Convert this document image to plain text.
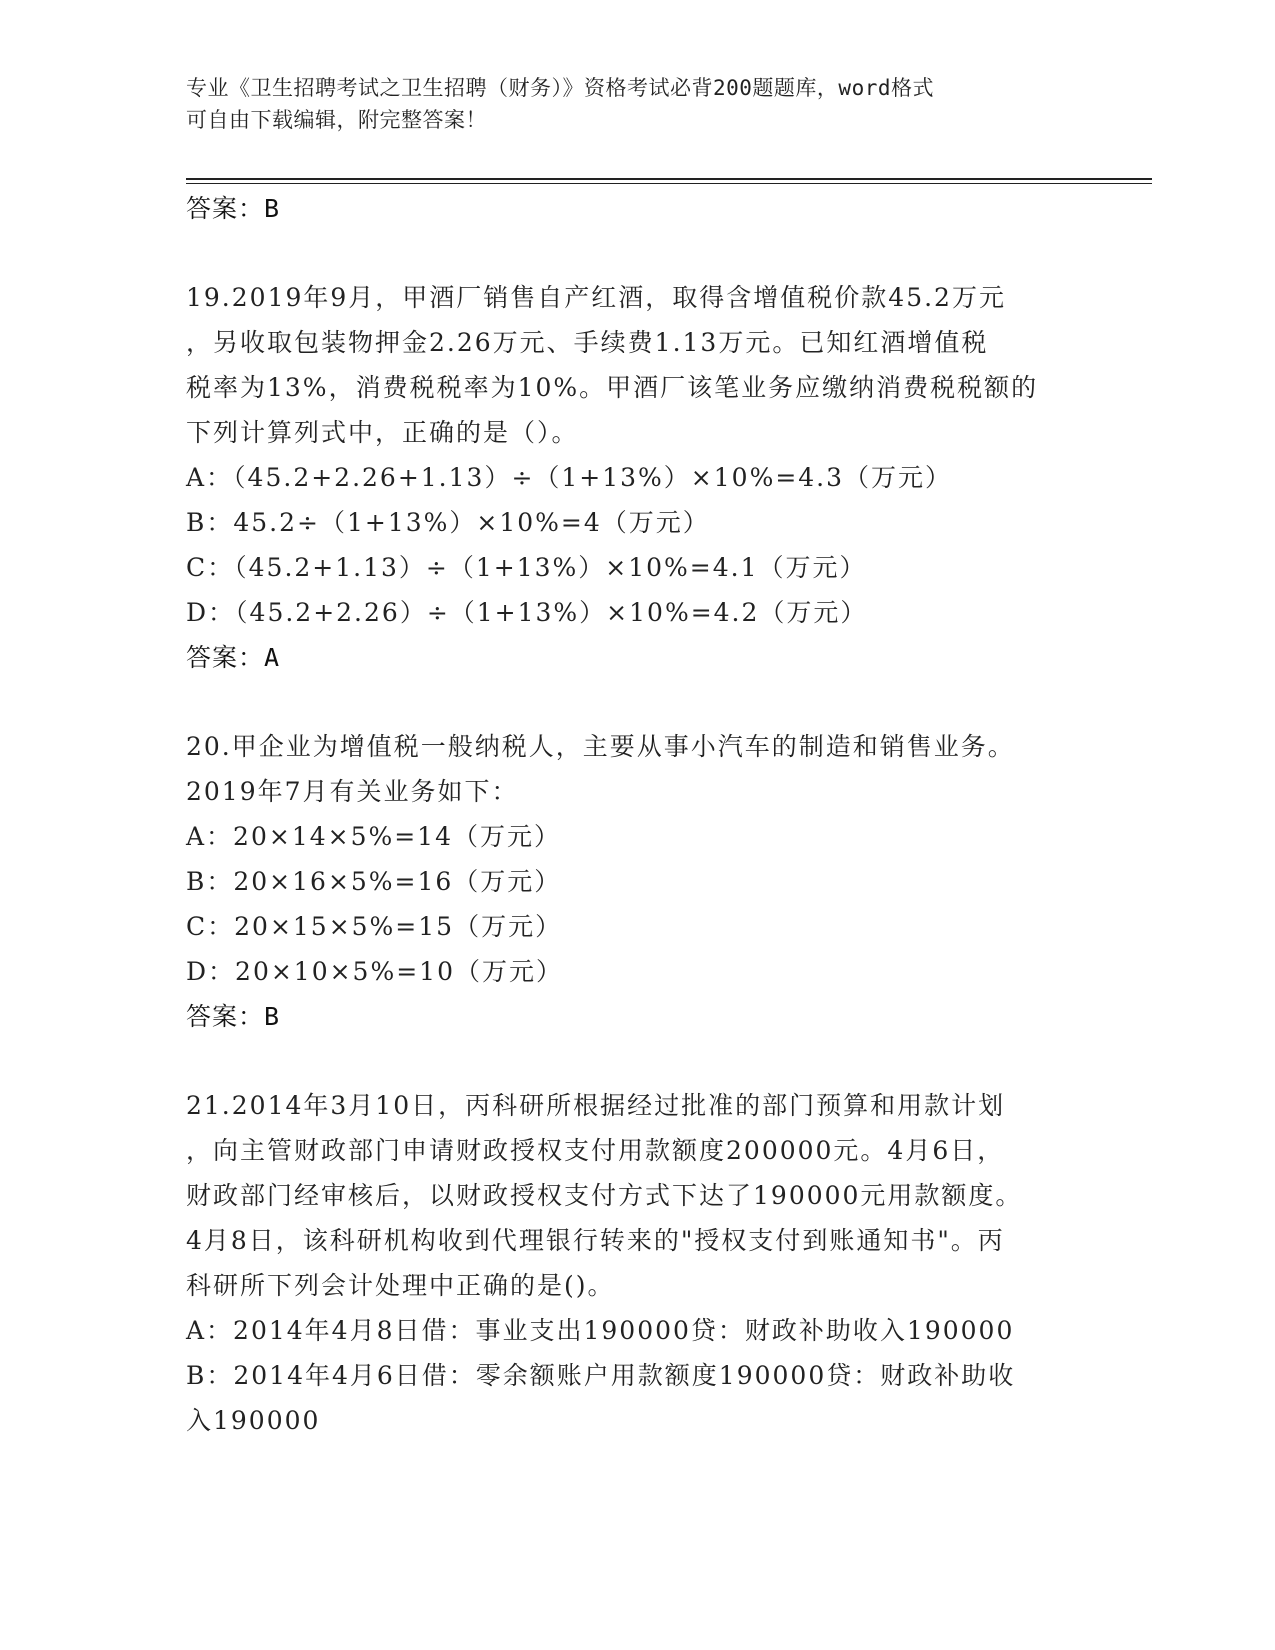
专业《卫生招聘考试之卫生招聘（财务）》资格考试必背200题题库，word格式
可自由下载编辑，附完整答案！
答案：B
19.2019年9月，甲酒厂销售自产红酒，取得含增值税价款45.2万元
，另收取包装物押金2.26万元、手续费1.13万元。已知红酒增值税
税率为13%，消费税税率为10%。甲酒厂该笔业务应缴纳消费税税额的
下列计算列式中，正确的是（）。
A：（45.2+2.26+1.13）÷（1+13%）×10%=4.3（万元）
B：45.2÷（1+13%）×10%=4（万元）
C：（45.2+1.13）÷（1+13%）×10%=4.1（万元）
D：（45.2+2.26）÷（1+13%）×10%=4.2（万元）
答案：A
20.甲企业为增值税一般纳税人，主要从事小汽车的制造和销售业务。
2019年7月有关业务如下：
A：20×14×5%=14（万元）
B：20×16×5%=16（万元）
C：20×15×5%=15（万元）
D：20×10×5%=10（万元）
答案：B
21.2014年3月10日，丙科研所根据经过批准的部门预算和用款计划
，向主管财政部门申请财政授权支付用款额度200000元。4月6日，
财政部门经审核后，以财政授权支付方式下达了190000元用款额度。
4月8日，该科研机构收到代理银行转来的"授权支付到账通知书"。丙
科研所下列会计处理中正确的是()。
A：2014年4月8日借：事业支出190000贷：财政补助收入190000
B：2014年4月6日借：零余额账户用款额度190000贷：财政补助收
入190000
